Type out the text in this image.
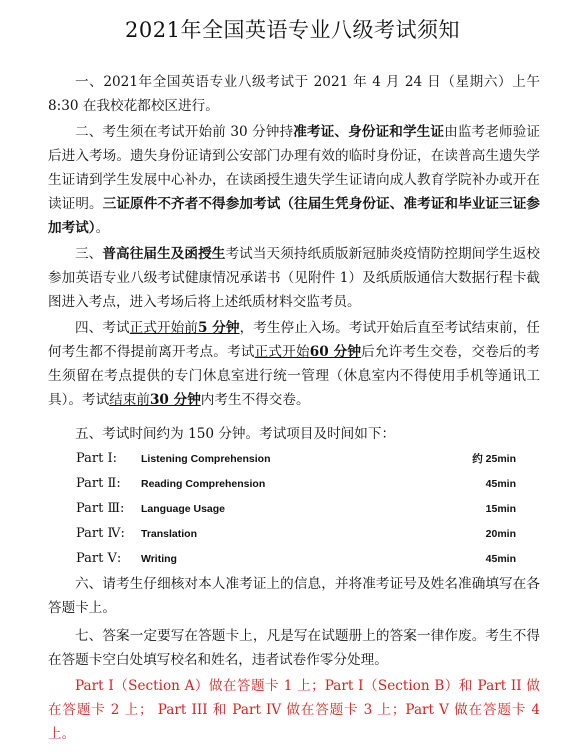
2021年全国英语专业八级考试须知
一、2021年全国英语专业八级考试于 2021 年 4 月 24 日（星期六）上午 8:30 在我校花都校区进行。
二、考生须在考试开始前 30 分钟持准考证、身份证和学生证由监考老师验证后进入考场。遗失身份证请到公安部门办理有效的临时身份证，在读普高生遗失学生证请到学生发展中心补办，在读函授生遗失学生证请向成人教育学院补办或开在读证明。三证原件不齐者不得参加考试（往届生凭身份证、准考证和毕业证三证参加考试）。
三、普高往届生及函授生考试当天须持纸质版新冠肺炎疫情防控期间学生返校参加英语专业八级考试健康情况承诺书（见附件 1）及纸质版通信大数据行程卡截图进入考点，进入考场后将上述纸质材料交监考员。
四、考试正式开始前5 分钟，考生停止入场。考试开始后直至考试结束前，任何考生都不得提前离开考点。考试正式开始60 分钟后允许考生交卷，交卷后的考生须留在考点提供的专门休息室进行统一管理（休息室内不得使用手机等通讯工具）。考试结束前30 分钟内考生不得交卷。
五、考试时间约为 150 分钟。考试项目及时间如下：
Part Ⅰ: Listening Comprehension	约 25min
Part Ⅱ: Reading Comprehension	45min
Part Ⅲ: Language Usage	15min
Part Ⅳ: Translation	20min
Part Ⅴ: Writing	45min
六、请考生仔细核对本人准考证上的信息，并将准考证号及姓名准确填写在各答题卡上。
七、答案一定要写在答题卡上，凡是写在试题册上的答案一律作废。考生不得在答题卡空白处填写校名和姓名，违者试卷作零分处理。
Part I（Section A）做在答题卡 1 上；Part I（Section B）和 Part II 做在答题卡 2 上； Part III 和 Part IV 做在答题卡 3 上；Part V 做在答题卡 4 上。
